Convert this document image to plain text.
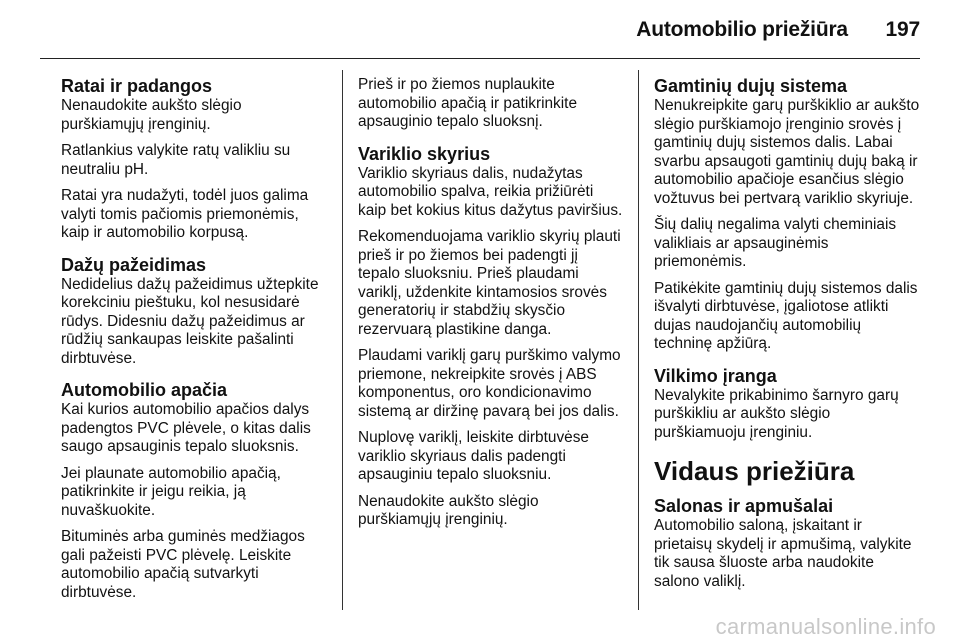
Automobilio priežiūra 197
Ratai ir padangos

Nenaudokite aukšto slėgio purškiamųjų įrenginių.

Ratlankius valykite ratų valikliu su neutraliu pH.

Ratai yra nudažyti, todėl juos galima valyti tomis pačiomis priemonėmis, kaip ir automobilio korpusą.

Dažų pažeidimas

Nedidelius dažų pažeidimus užtepkite korekciniu pieštuku, kol nesusidarė rūdys. Didesniu dažų pažeidimus ar rūdžių sankaupas leiskite pašalinti dirbtuvėse.

Automobilio apačia

Kai kurios automobilio apačios dalys padengtos PVC plėvele, o kitas dalis saugo apsauginis tepalo sluoksnis.

Jei plaunate automobilio apačią, patikrinkite ir jeigu reikia, ją nuvaškuokite.

Bituminės arba guminės medžiagos gali pažeisti PVC plėvelę. Leiskite automobilio apačią sutvarkyti dirbtuvėse.

Prieš ir po žiemos nuplaukite automobilio apačią ir patikrinkite apsauginio tepalo sluoksnį.

Variklio skyrius

Variklio skyriaus dalis, nudažytas automobilio spalva, reikia prižiūrėti kaip bet kokius kitus dažytus paviršius.

Rekomenduojama variklio skyrių plauti prieš ir po žiemos bei padengti jį tepalo sluoksniu. Prieš plaudami variklį, uždenkite kintamosios srovės generatorių ir stabdžių skysčio rezervuarą plastikine danga.

Plaudami variklį garų purškimo valymo priemone, nekreipkite srovės į ABS komponentus, oro kondicionavimo sistemą ar diržinę pavarą bei jos dalis.

Nuplovę variklį, leiskite dirbtuvėse variklio skyriaus dalis padengti apsauginiu tepalo sluoksniu.

Nenaudokite aukšto slėgio purškiamųjų įrenginių.

Gamtinių dujų sistema

Nenukreipkite garų purškiklio ar aukšto slėgio purškiamojo įrenginio srovės į gamtinių dujų sistemos dalis. Labai svarbu apsaugoti gamtinių dujų baką ir automobilio apačioje esančius slėgio vožtuvus bei pertvarą variklio skyriuje.

Šių dalių negalima valyti cheminiais valikliais ar apsauginėmis priemonėmis.

Patikėkite gamtinių dujų sistemos dalis išvalyti dirbtuvėse, įgaliotose atlikti dujas naudojančių automobilių techninę apžiūrą.

Vilkimo įranga

Nevalykite prikabinimo šarnyro garų purškikliu ar aukšto slėgio purškiamuoju įrenginiu.

Vidaus priežiūra
Salonas ir apmušalai

Automobilio saloną, įskaitant ir prietaisų skydelį ir apmušimą, valykite tik sausa šluoste arba naudokite salono valiklį.

carmanualsonline.info
